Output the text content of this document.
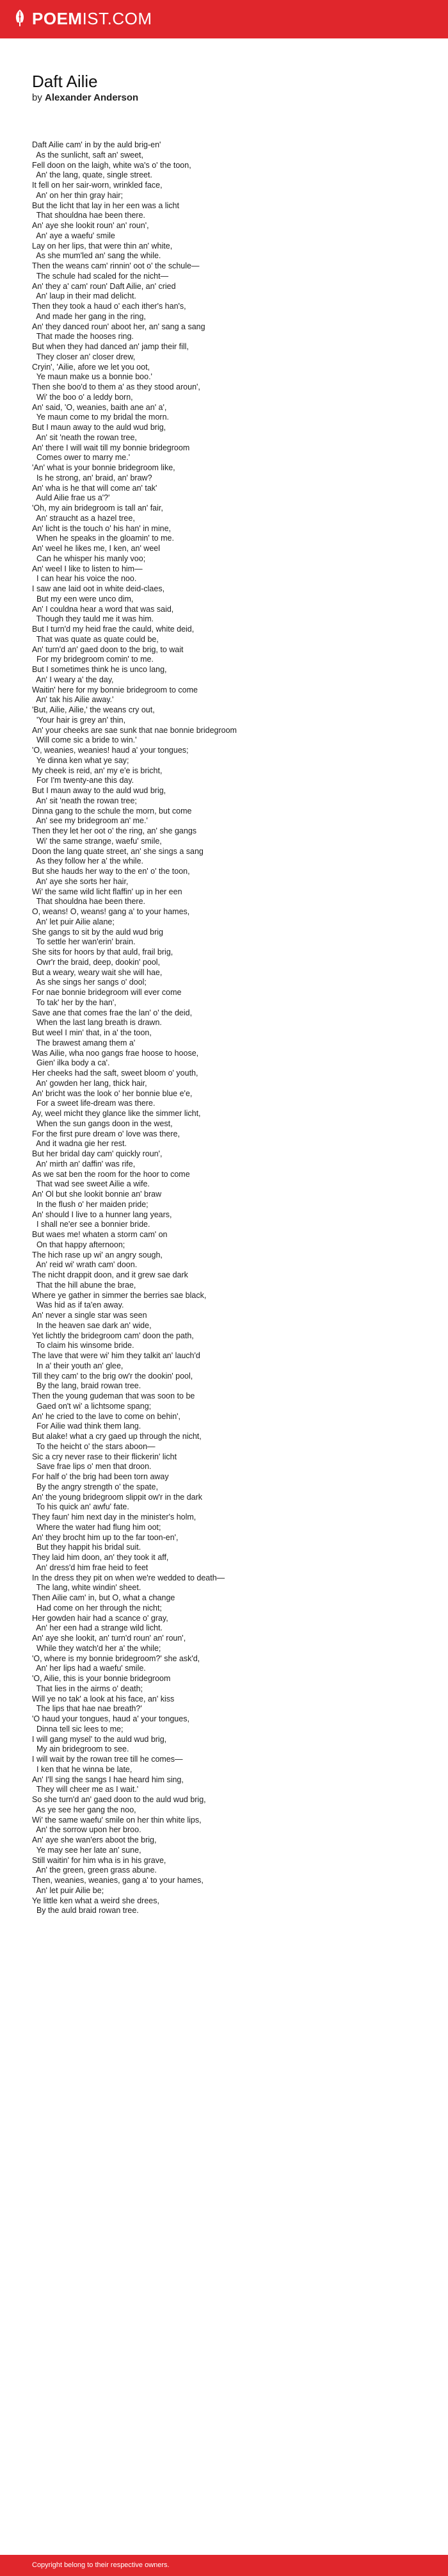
POEMIST.COM
Daft Ailie
by Alexander Anderson
Daft Ailie cam' in by the auld brig-en'
As the sunlicht, saft an' sweet,
Fell doon on the laigh, white wa's o' the toon,
An' the lang, quate, single street.
It fell on her sair-worn, wrinkled face,
An' on her thin gray hair;
But the licht that lay in her een was a licht
That shouldna hae been there.
An' aye she lookit roun' an' roun',
An' aye a waefu' smile
Lay on her lips, that were thin an' white,
As she mum'led an' sang the while.
Then the weans cam' rinnin' oot o' the schule—
The schule had scaled for the nicht—
An' they a' cam' roun' Daft Ailie, an' cried
An' laup in their mad delicht.
Then they took a haud o' each ither's han's,
And made her gang in the ring,
An' they danced roun' aboot her, an' sang a sang
That made the hooses ring.
But when they had danced an' jamp their fill,
They closer an' closer drew,
Cryin', 'Ailie, afore we let you oot,
Ye maun make us a bonnie boo.'
Then she boo'd to them a' as they stood aroun',
Wi' the boo o' a leddy born,
An' said, 'O, weanies, baith ane an' a',
Ye maun come to my bridal the morn.
But I maun away to the auld wud brig,
An' sit 'neath the rowan tree,
An' there I will wait till my bonnie bridegroom
Comes ower to marry me.'
'An' what is your bonnie bridegroom like,
Is he strong, an' braid, an' braw?
An' wha is he that will come an' tak'
Auld Ailie frae us a'?'
'Oh, my ain bridegroom is tall an' fair,
An' straucht as a hazel tree,
An' licht is the touch o' his han' in mine,
When he speaks in the gloamin' to me.
An' weel he likes me, I ken, an' weel
Can he whisper his manly voo;
An' weel I like to listen to him—
I can hear his voice the noo.
I saw ane laid oot in white deid-claes,
But my een were unco dim,
An' I couldna hear a word that was said,
Though they tauld me it was him.
But I turn'd my heid frae the cauld, white deid,
That was quate as quate could be,
An' turn'd an' gaed doon to the brig, to wait
For my bridegroom comin' to me.
But I sometimes think he is unco lang,
An' I weary a' the day,
Waitin' here for my bonnie bridegroom to come
An' tak his Ailie away.'
'But, Ailie, Ailie,' the weans cry out,
'Your hair is grey an' thin,
An' your cheeks are sae sunk that nae bonnie bridegroom
Will come sic a bride to win.'
'O, weanies, weanies! haud a' your tongues;
Ye dinna ken what ye say;
My cheek is reid, an' my e'e is bricht,
For I'm twenty-ane this day.
But I maun away to the auld wud brig,
An' sit 'neath the rowan tree;
Dinna gang to the schule the morn, but come
An' see my bridegroom an' me.'
Then they let her oot o' the ring, an' she gangs
Wi' the same strange, waefu' smile,
Doon the lang quate street, an' she sings a sang
As they follow her a' the while.
But she hauds her way to the en' o' the toon,
An' aye she sorts her hair,
Wi' the same wild licht flaffin' up in her een
That shouldna hae been there.
O, weans! O, weans! gang a' to your hames,
An' let puir Ailie alane;
She gangs to sit by the auld wud brig
To settle her wan'erin' brain.
She sits for hoors by that auld, frail brig,
Owr'r the braid, deep, dookin' pool,
But a weary, weary wait she will hae,
As she sings her sangs o' dool;
For nae bonnie bridegroom will ever come
To tak' her by the han',
Save ane that comes frae the lan' o' the deid,
When the last lang breath is drawn.
But weel I min' that, in a' the toon,
The brawest amang them a'
Was Ailie, wha noo gangs frae hoose to hoose,
Gien' ilka body a ca'.
Her cheeks had the saft, sweet bloom o' youth,
An' gowden her lang, thick hair,
An' bricht was the look o' her bonnie blue e'e,
For a sweet life-dream was there.
Ay, weel micht they glance like the simmer licht,
When the sun gangs doon in the west,
For the first pure dream o' love was there,
And it wadna gie her rest.
But her bridal day cam' quickly roun',
An' mirth an' daffin' was rife,
As we sat ben the room for the hoor to come
That wad see sweet Ailie a wife.
An' Ol but she lookit bonnie an' braw
In the flush o' her maiden pride;
An' should I live to a hunner lang years,
I shall ne'er see a bonnier bride.
But waes me! whaten a storm cam' on
On that happy afternoon;
The hich rase up wi' an angry sough,
An' reid wi' wrath cam' doon.
The nicht drappit doon, and it grew sae dark
That the hill abune the brae,
Where ye gather in simmer the berries sae black,
Was hid as if ta'en away.
An' never a single star was seen
In the heaven sae dark an' wide,
Yet lichtly the bridegroom cam' doon the path,
To claim his winsome bride.
The lave that were wi' him they talkit an' lauch'd
In a' their youth an' glee,
Till they cam' to the brig ow'r the dookin' pool,
By the lang, braid rowan tree.
Then the young gudeman that was soon to be
Gaed on't wi' a lichtsome spang;
An' he cried to the lave to come on behin',
For Ailie wad think them lang.
But alake! what a cry gaed up through the nicht,
To the heicht o' the stars aboon—
Sic a cry never rase to their flickerin' licht
Save frae lips o' men that droon.
For half o' the brig had been torn away
By the angry strength o' the spate,
An' the young bridegroom slippit ow'r in the dark
To his quick an' awfu' fate.
They faun' him next day in the minister's holm,
Where the water had flung him oot;
An' they brocht him up to the far toon-en',
But they happit his bridal suit.
They laid him doon, an' they took it aff,
An' dress'd him frae heid to feet
In the dress they pit on when we're wedded to death—
The lang, white windin' sheet.
Then Ailie cam' in, but O, what a change
Had come on her through the nicht;
Her gowden hair had a scance o' gray,
An' her een had a strange wild licht.
An' aye she lookit, an' turn'd roun' an' roun',
While they watch'd her a' the while;
'O, where is my bonnie bridegroom?' she ask'd,
An' her lips had a waefu' smile.
'O, Ailie, this is your bonnie bridegroom
That lies in the airms o' death;
Will ye no tak' a look at his face, an' kiss
The lips that hae nae breath?'
'O haud your tongues, haud a' your tongues,
Dinna tell sic lees to me;
I will gang mysel' to the auld wud brig,
My ain bridegroom to see.
I will wait by the rowan tree till he comes—
I ken that he winna be late,
An' I'll sing the sangs I hae heard him sing,
They will cheer me as I wait.'
So she turn'd an' gaed doon to the auld wud brig,
As ye see her gang the noo,
Wi' the same waefu' smile on her thin white lips,
An' the sorrow upon her broo.
An' aye she wan'ers aboot the brig,
Ye may see her late an' sune,
Still waitin' for him wha is in his grave,
An' the green, green grass abune.
Then, weanies, weanies, gang a' to your hames,
An' let puir Ailie be;
Ye little ken what a weird she drees,
By the auld braid rowan tree.
Copyright belong to their respective owners.
